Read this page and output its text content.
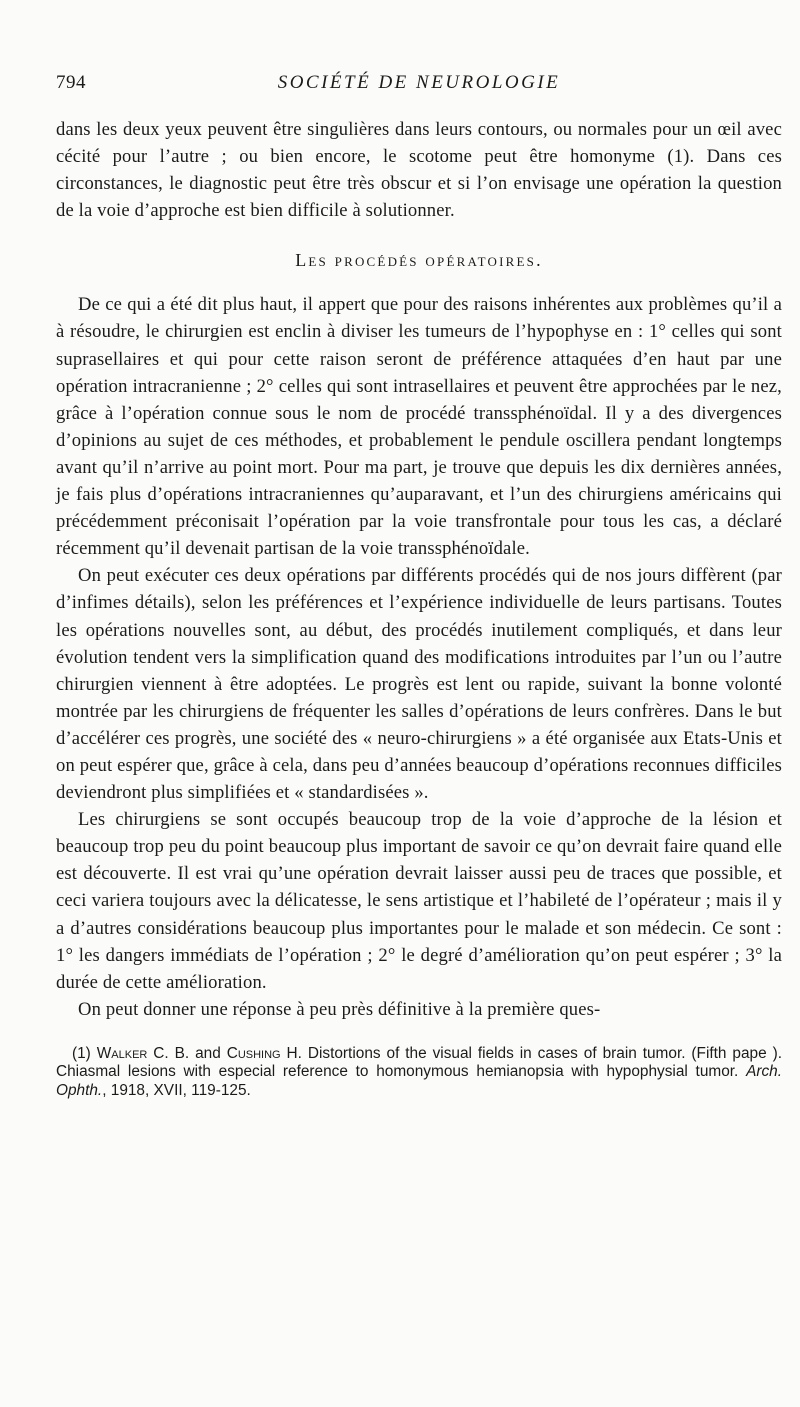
794	SOCIÉTÉ DE NEUROLOGIE

dans les deux yeux peuvent être singulières dans leurs contours, ou normales pour un œil avec cécité pour l’autre ; ou bien encore, le scotome peut être homonyme (1). Dans ces circonstances, le diagnostic peut être très obscur et si l’on envisage une opération la question de la voie d’approche est bien difficile à solutionner.

Les procédés opératoires.

De ce qui a été dit plus haut, il appert que pour des raisons inhérentes aux problèmes qu’il a à résoudre, le chirurgien est enclin à diviser les tumeurs de l’hypophyse en : 1° celles qui sont suprasellaires et qui pour cette raison seront de préférence attaquées d’en haut par une opération intracranienne ; 2° celles qui sont intrasellaires et peuvent être approchées par le nez, grâce à l’opération connue sous le nom de procédé transsphénoïdal. Il y a des divergences d’opinions au sujet de ces méthodes, et probablement le pendule oscillera pendant longtemps avant qu’il n’arrive au point mort. Pour ma part, je trouve que depuis les dix dernières années, je fais plus d’opérations intracraniennes qu’auparavant, et l’un des chirurgiens américains qui précédemment préconisait l’opération par la voie transfrontale pour tous les cas, a déclaré récemment qu’il devenait partisan de la voie transsphénoïdale.

On peut exécuter ces deux opérations par différents procédés qui de nos jours diffèrent (par d’infimes détails), selon les préférences et l’expérience individuelle de leurs partisans. Toutes les opérations nouvelles sont, au début, des procédés inutilement compliqués, et dans leur évolution tendent vers la simplification quand des modifications introduites par l’un ou l’autre chirurgien viennent à être adoptées. Le progrès est lent ou rapide, suivant la bonne volonté montrée par les chirurgiens de fréquenter les salles d’opérations de leurs confrères. Dans le but d’accélérer ces progrès, une société des « neuro-chirurgiens » a été organisée aux Etats-Unis et on peut espérer que, grâce à cela, dans peu d’années beaucoup d’opérations reconnues difficiles deviendront plus simplifiées et « standardisées ».

Les chirurgiens se sont occupés beaucoup trop de la voie d’approche de la lésion et beaucoup trop peu du point beaucoup plus important de savoir ce qu’on devrait faire quand elle est découverte. Il est vrai qu’une opération devrait laisser aussi peu de traces que possible, et ceci variera toujours avec la délicatesse, le sens artistique et l’habileté de l’opérateur ; mais il y a d’autres considérations beaucoup plus importantes pour le malade et son médecin. Ce sont : 1° les dangers immédiats de l’opération ; 2° le degré d’amélioration qu’on peut espérer ; 3° la durée de cette amélioration.

On peut donner une réponse à peu près définitive à la première ques-

(1) Walker C. B. and Cushing H. Distortions of the visual fields in cases of brain tumor. (Fifth pape ). Chiasmal lesions with especial reference to homonymous hemianopsia with hypophysial tumor. Arch. Ophth., 1918, XVII, 119-125.
